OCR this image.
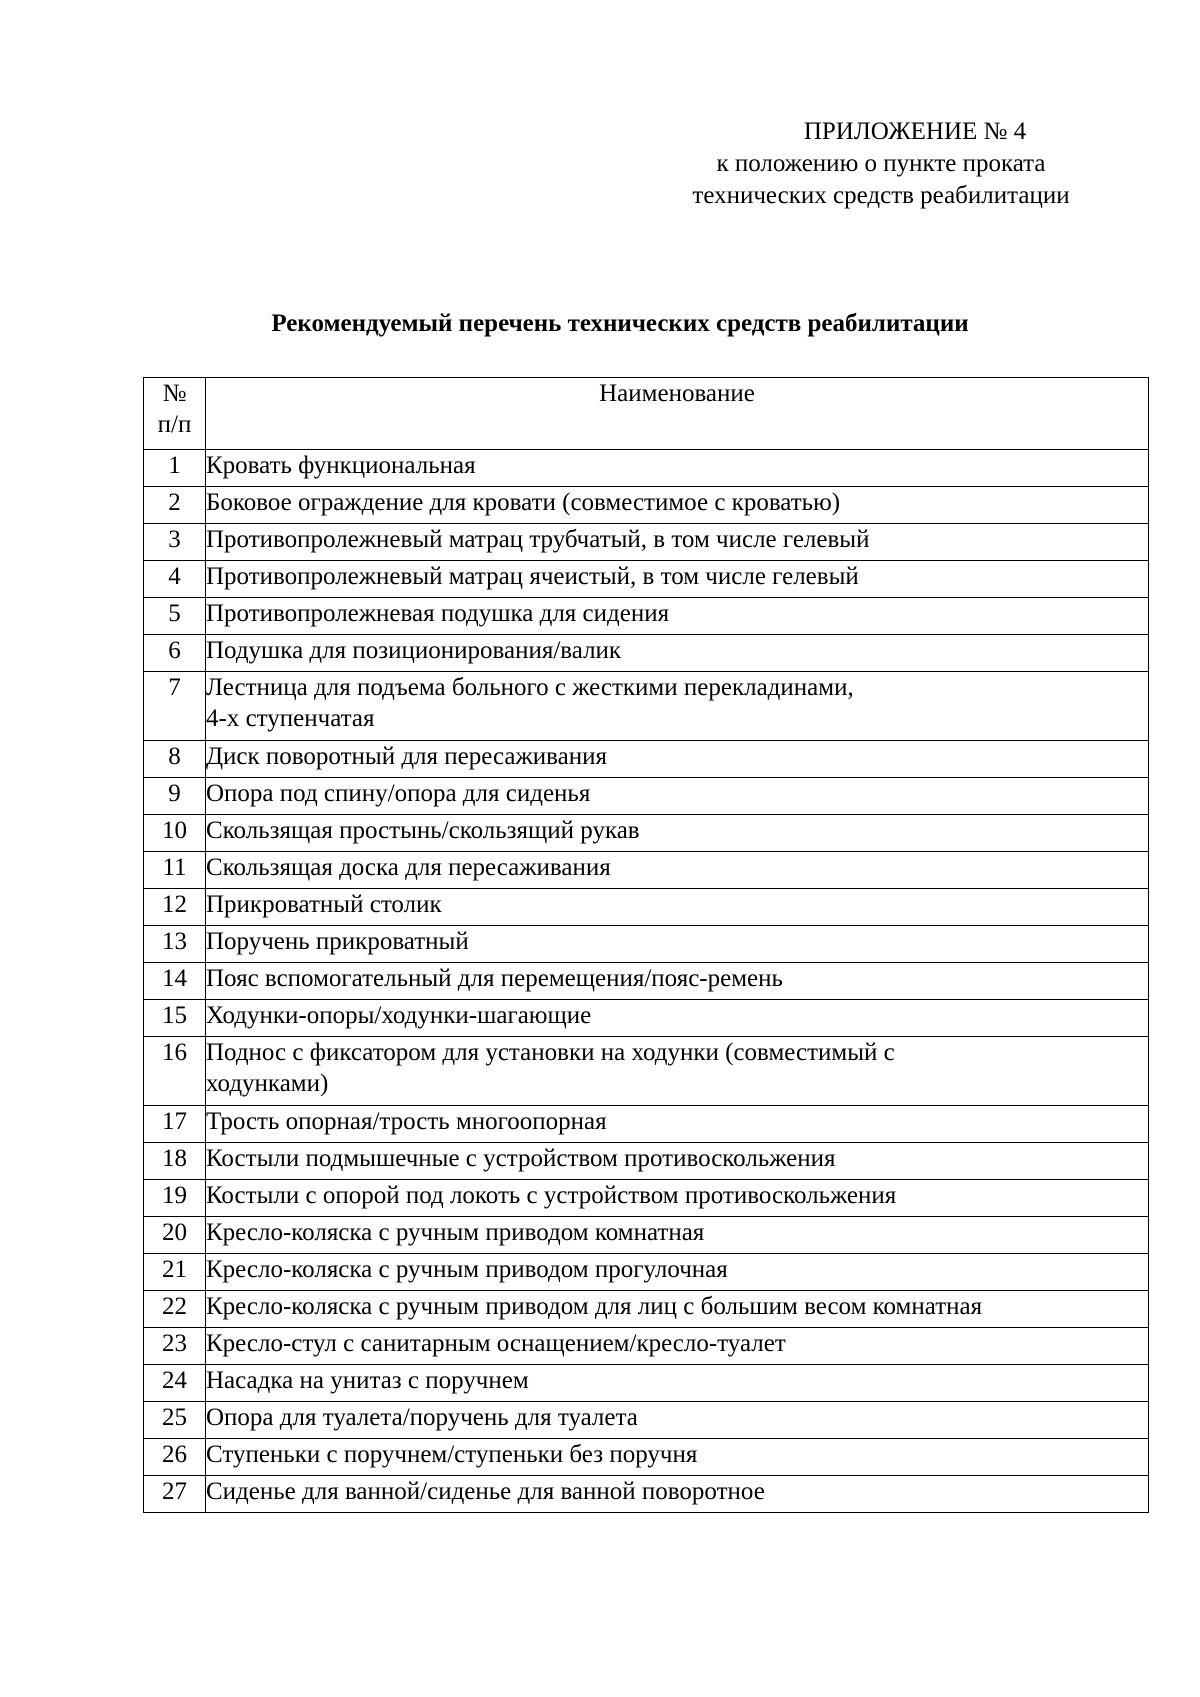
ПРИЛОЖЕНИЕ № 4
к положению о пункте проката
технических средств реабилитации
Рекомендуемый перечень технических средств реабилитации
№
п/п	Наименование
1	Кровать функциональная

2	Боковое ограждение для кровати (совместимое с кроватью)

3	Противопролежневый матрац трубчатый, в том числе гелевый

4	Противопролежневый матрац ячеистый, в том числе гелевый

5	Противопролежневая подушка для сидения

6	Подушка для позиционирования/валик

7	Лестница для подъема больного с жесткими перекладинами,
4-х ступенчатая

8	Диск поворотный для пересаживания

9	Опора под спину/опора для сиденья

10	Скользящая простынь/скользящий рукав

11	Скользящая доска для пересаживания

12	Прикроватный столик

13	Поручень прикроватный

14	Пояс вспомогательный для перемещения/пояс-ремень

15	Ходунки-опоры/ходунки-шагающие

16	Поднос с фиксатором для установки на ходунки (совместимый с
ходунками)

17	Трость опорная/трость многоопорная

18	Костыли подмышечные с устройством противоскольжения

19	Костыли с опорой под локоть с устройством противоскольжения

20	Кресло-коляска с ручным приводом комнатная

21	Кресло-коляска с ручным приводом прогулочная

22	Кресло-коляска с ручным приводом для лиц с большим весом комнатная

23	Кресло-стул с санитарным оснащением/кресло-туалет

24	Насадка на унитаз с поручнем

25	Опора для туалета/поручень для туалета

26	Ступеньки с поручнем/ступеньки без поручня

27	Сиденье для ванной/сиденье для ванной поворотное
